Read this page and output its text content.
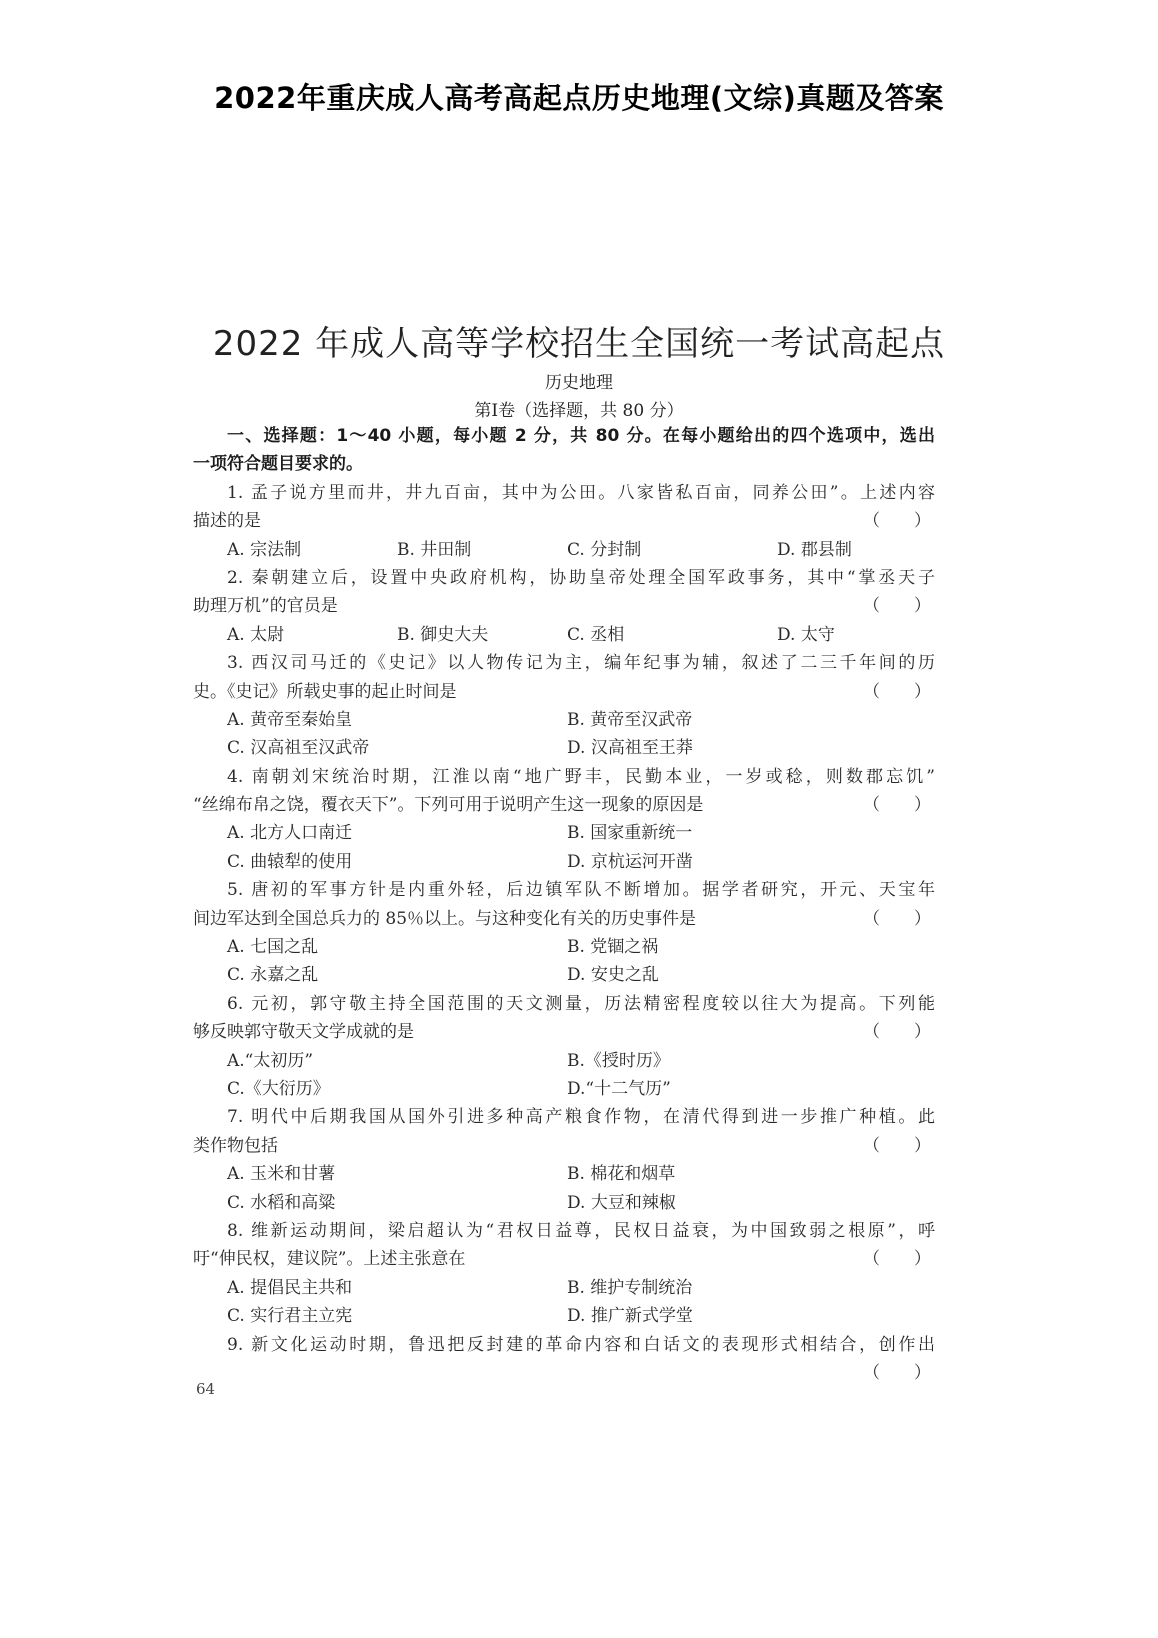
2022年重庆成人高考高起点历史地理(文综)真题及答案
2022 年成人高等学校招生全国统一考试高起点
历史地理
第Ⅰ卷（选择题，共 80 分）
一、选择题：1～40 小题，每小题 2 分，共 80 分。在每小题给出的四个选项中，选出
一项符合题目要求的。
1. 孟子说方里而井，井九百亩，其中为公田。八家皆私百亩，同养公田”。上述内容
描述的是	（　　）
A. 宗法制	B. 井田制	C. 分封制	D. 郡县制
2. 秦朝建立后，设置中央政府机构，协助皇帝处理全国军政事务，其中“掌丞天子
助理万机”的官员是	（　　）
A. 太尉	B. 御史大夫	C. 丞相	D. 太守
3. 西汉司马迁的《史记》以人物传记为主，编年纪事为辅，叙述了二三千年间的历
史。《史记》所载史事的起止时间是	（　　）
A. 黄帝至秦始皇	B. 黄帝至汉武帝
C. 汉高祖至汉武帝	D. 汉高祖至王莽
4. 南朝刘宋统治时期，江淮以南“地广野丰，民勤本业，一岁或稔，则数郡忘饥”
“丝绵布帛之饶，覆衣天下”。下列可用于说明产生这一现象的原因是	（　　）
A. 北方人口南迁	B. 国家重新统一
C. 曲辕犁的使用	D. 京杭运河开凿
5. 唐初的军事方针是内重外轻，后边镇军队不断增加。据学者研究，开元、天宝年
间边军达到全国总兵力的 85％以上。与这种变化有关的历史事件是	（　　）
A. 七国之乱	B. 党锢之祸
C. 永嘉之乱	D. 安史之乱
6. 元初，郭守敬主持全国范围的天文测量，历法精密程度较以往大为提高。下列能
够反映郭守敬天文学成就的是	（　　）
A.“太初历”	B.《授时历》
C.《大衍历》	D.“十二气历”
7. 明代中后期我国从国外引进多种高产粮食作物，在清代得到进一步推广种植。此
类作物包括	（　　）
A. 玉米和甘薯	B. 棉花和烟草
C. 水稻和高粱	D. 大豆和辣椒
8. 维新运动期间，梁启超认为“君权日益尊，民权日益衰，为中国致弱之根原”，呼
吁“伸民权，建议院”。上述主张意在	（　　）
A. 提倡民主共和	B. 维护专制统治
C. 实行君主立宪	D. 推广新式学堂
9. 新文化运动时期，鲁迅把反封建的革命内容和白话文的表现形式相结合，创作出
（　　）
64
